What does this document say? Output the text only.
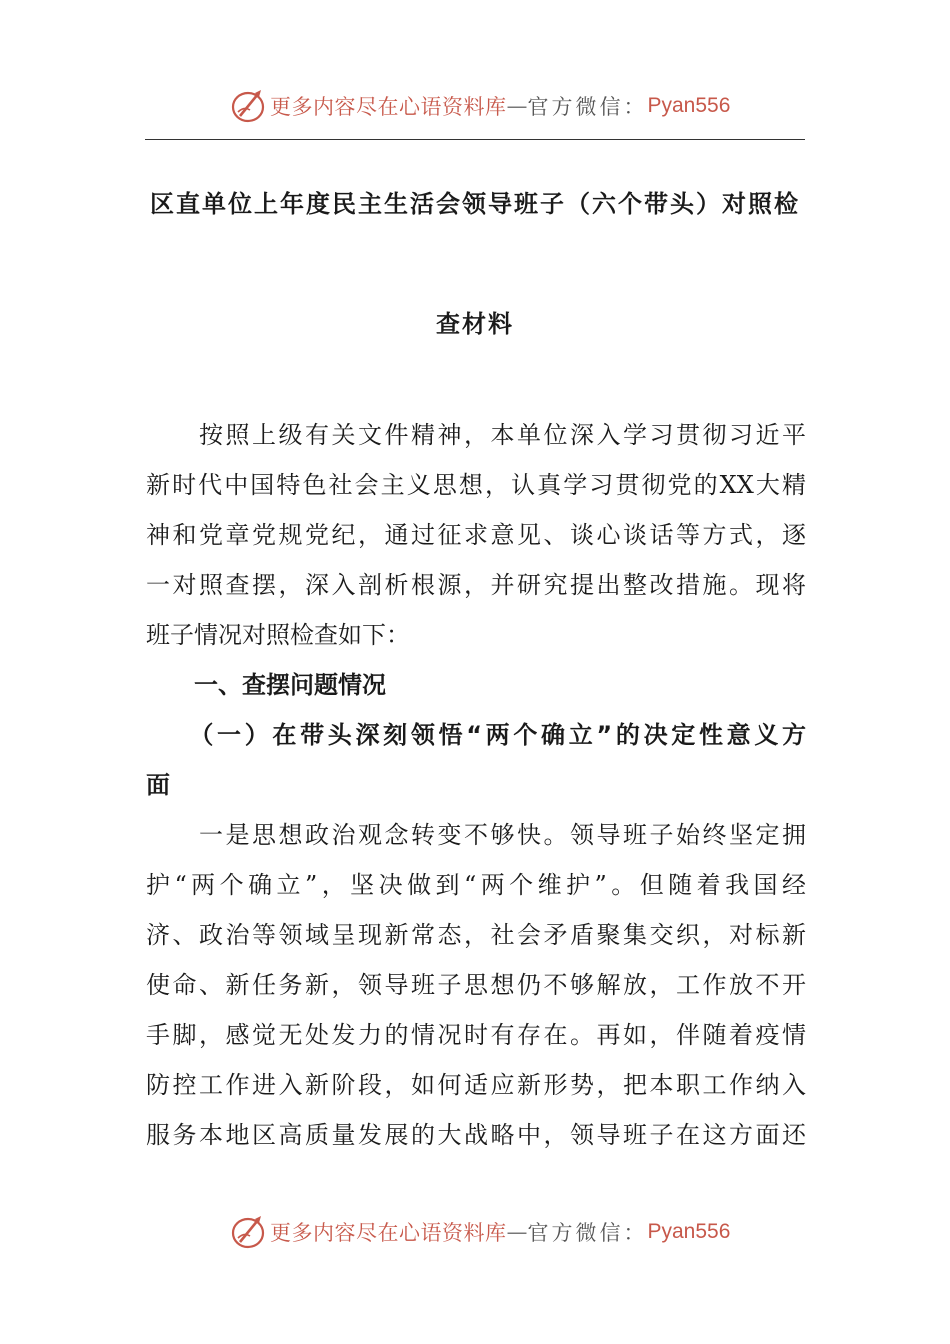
更多内容尽在心语资料库 — 官方微信： Pyan556
区直单位上年度民主生活会领导班子（六个带头）对照检
查材料
　　按照上级有关文件精神，本单位深入学习贯彻习近平
新时代中国特色社会主义思想，认真学习贯彻党的XX大精
神和党章党规党纪，通过征求意见、谈心谈话等方式，逐
一对照查摆，深入剖析根源，并研究提出整改措施。现将
班子情况对照检查如下：
　　一、查摆问题情况
　　（一）在带头深刻领悟“两个确立”的决定性意义方
面
　　一是思想政治观念转变不够快。领导班子始终坚定拥
护“两个确立”，坚决做到“两个维护”。但随着我国经
济、政治等领域呈现新常态，社会矛盾聚集交织，对标新
使命、新任务新，领导班子思想仍不够解放，工作放不开
手脚，感觉无处发力的情况时有存在。再如，伴随着疫情
防控工作进入新阶段，如何适应新形势，把本职工作纳入
服务本地区高质量发展的大战略中，领导班子在这方面还
更多内容尽在心语资料库 — 官方微信： Pyan556
